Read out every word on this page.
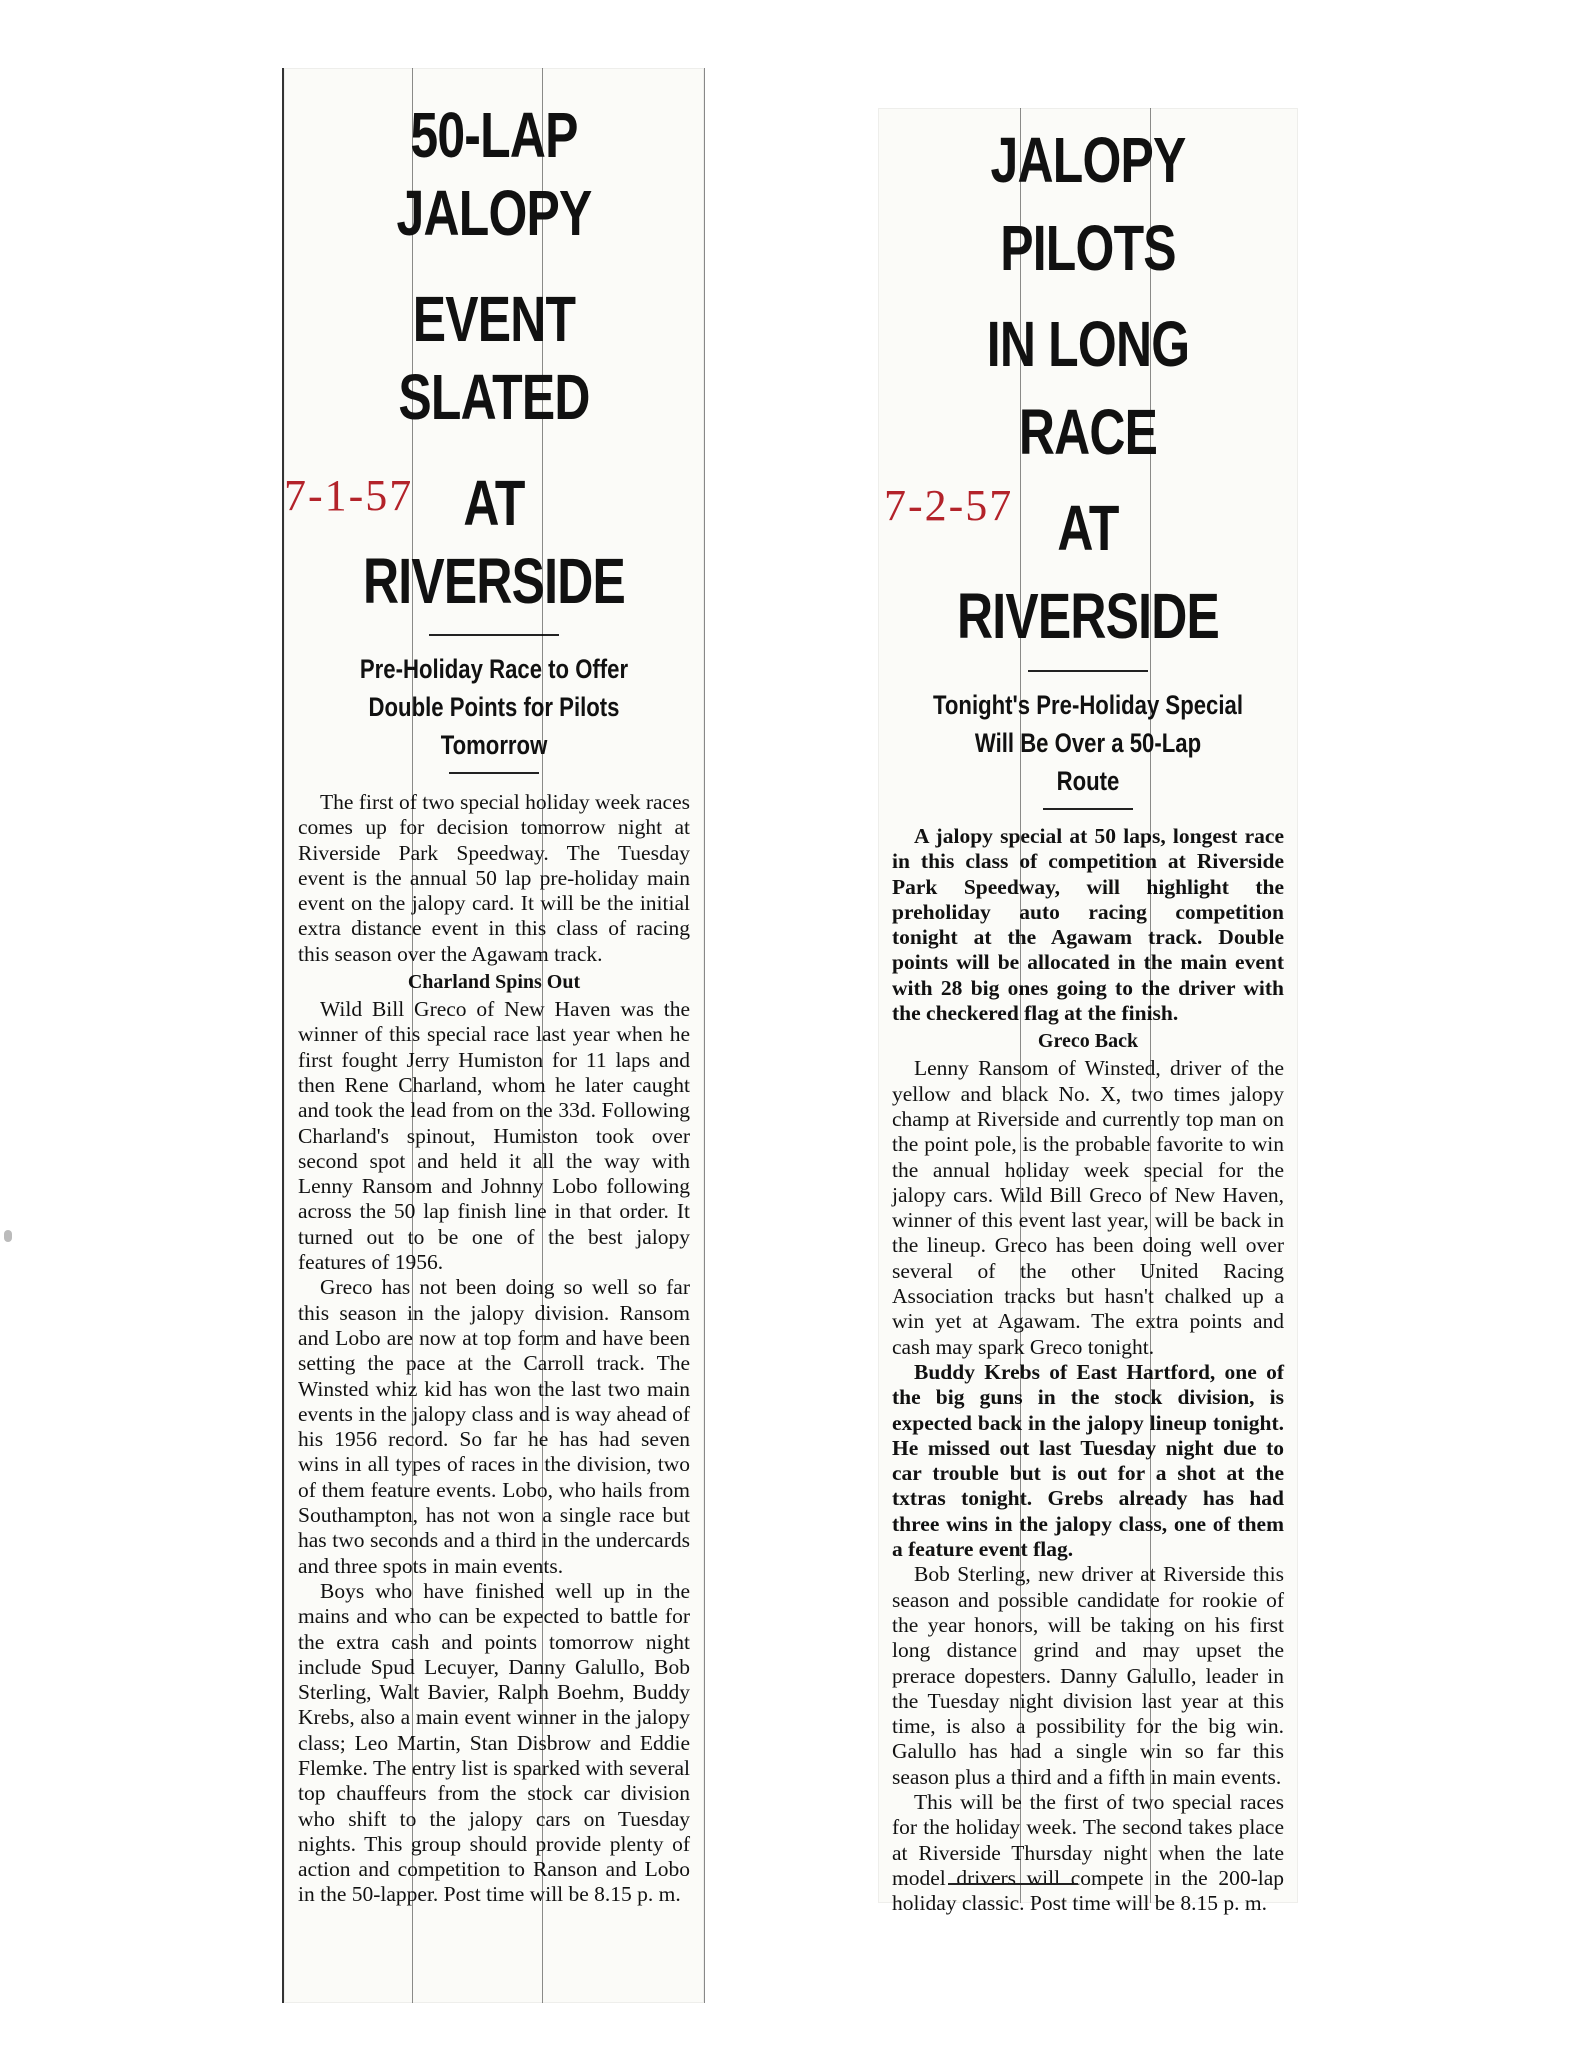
50-LAP JALOPY

EVENT SLATED

AT RIVERSIDE

Pre-Holiday Race to Offer
Double Points for Pilots
Tomorrow
7-1-57

The first of two special holiday week races comes up for decision tomorrow night at Riverside Park Speedway. The Tuesday event is the annual 50 lap pre-holiday main event on the jalopy card. It will be the initial extra distance event in this class of racing this season over the Agawam track.

Charland Spins Out

Wild Bill Greco of New Haven was the winner of this special race last year when he first fought Jerry Humiston for 11 laps and then Rene Charland, whom he later caught and took the lead from on the 33d. Following Charland's spinout, Humiston took over second spot and held it all the way with Lenny Ransom and Johnny Lobo following across the 50 lap finish line in that order. It turned out to be one of the best jalopy features of 1956.

Greco has not been doing so well so far this season in the jalopy division. Ransom and Lobo are now at top form and have been setting the pace at the Carroll track. The Winsted whiz kid has won the last two main events in the jalopy class and is way ahead of his 1956 record. So far he has had seven wins in all types of races in the division, two of them feature events. Lobo, who hails from Southampton, has not won a single race but has two seconds and a third in the undercards and three spots in main events.

Boys who have finished well up in the mains and who can be expected to battle for the extra cash and points tomorrow night include Spud Lecuyer, Danny Galullo, Bob Sterling, Walt Bavier, Ralph Boehm, Buddy Krebs, also a main event winner in the jalopy class; Leo Martin, Stan Disbrow and Eddie Flemke. The entry list is sparked with several top chauffeurs from the stock car division who shift to the jalopy cars on Tuesday nights. This group should provide plenty of action and competition to Ranson and Lobo in the 50-lapper. Post time will be 8.15 p. m.

JALOPY PILOTS

IN LONG RACE

AT RIVERSIDE

Tonight's Pre-Holiday Special
Will Be Over a 50-Lap
Route
7-2-57

A jalopy special at 50 laps, longest race in this class of competition at Riverside Park Speedway, will highlight the preholiday auto racing competition tonight at the Agawam track. Double points will be allocated in the main event with 28 big ones going to the driver with the checkered flag at the finish.

Greco Back

Lenny Ransom of Winsted, driver of the yellow and black No. X, two times jalopy champ at Riverside and currently top man on the point pole, is the probable favorite to win the annual holiday week special for the jalopy cars. Wild Bill Greco of New Haven, winner of this event last year, will be back in the lineup. Greco has been doing well over several of the other United Racing Association tracks but hasn't chalked up a win yet at Agawam. The extra points and cash may spark Greco tonight.

Buddy Krebs of East Hartford, one of the big guns in the stock division, is expected back in the jalopy lineup tonight. He missed out last Tuesday night due to car trouble but is out for a shot at the txtras tonight. Grebs already has had three wins in the jalopy class, one of them a feature event flag.

Bob Sterling, new driver at Riverside this season and possible candidate for rookie of the year honors, will be taking on his first long distance grind and may upset the prerace dopesters. Danny Galullo, leader in the Tuesday night division last year at this time, is also a possibility for the big win. Galullo has had a single win so far this season plus a third and a fifth in main events.

This will be the first of two special races for the holiday week. The second takes place at Riverside Thursday night when the late model drivers will compete in the 200-lap holiday classic. Post time will be 8.15 p. m.
